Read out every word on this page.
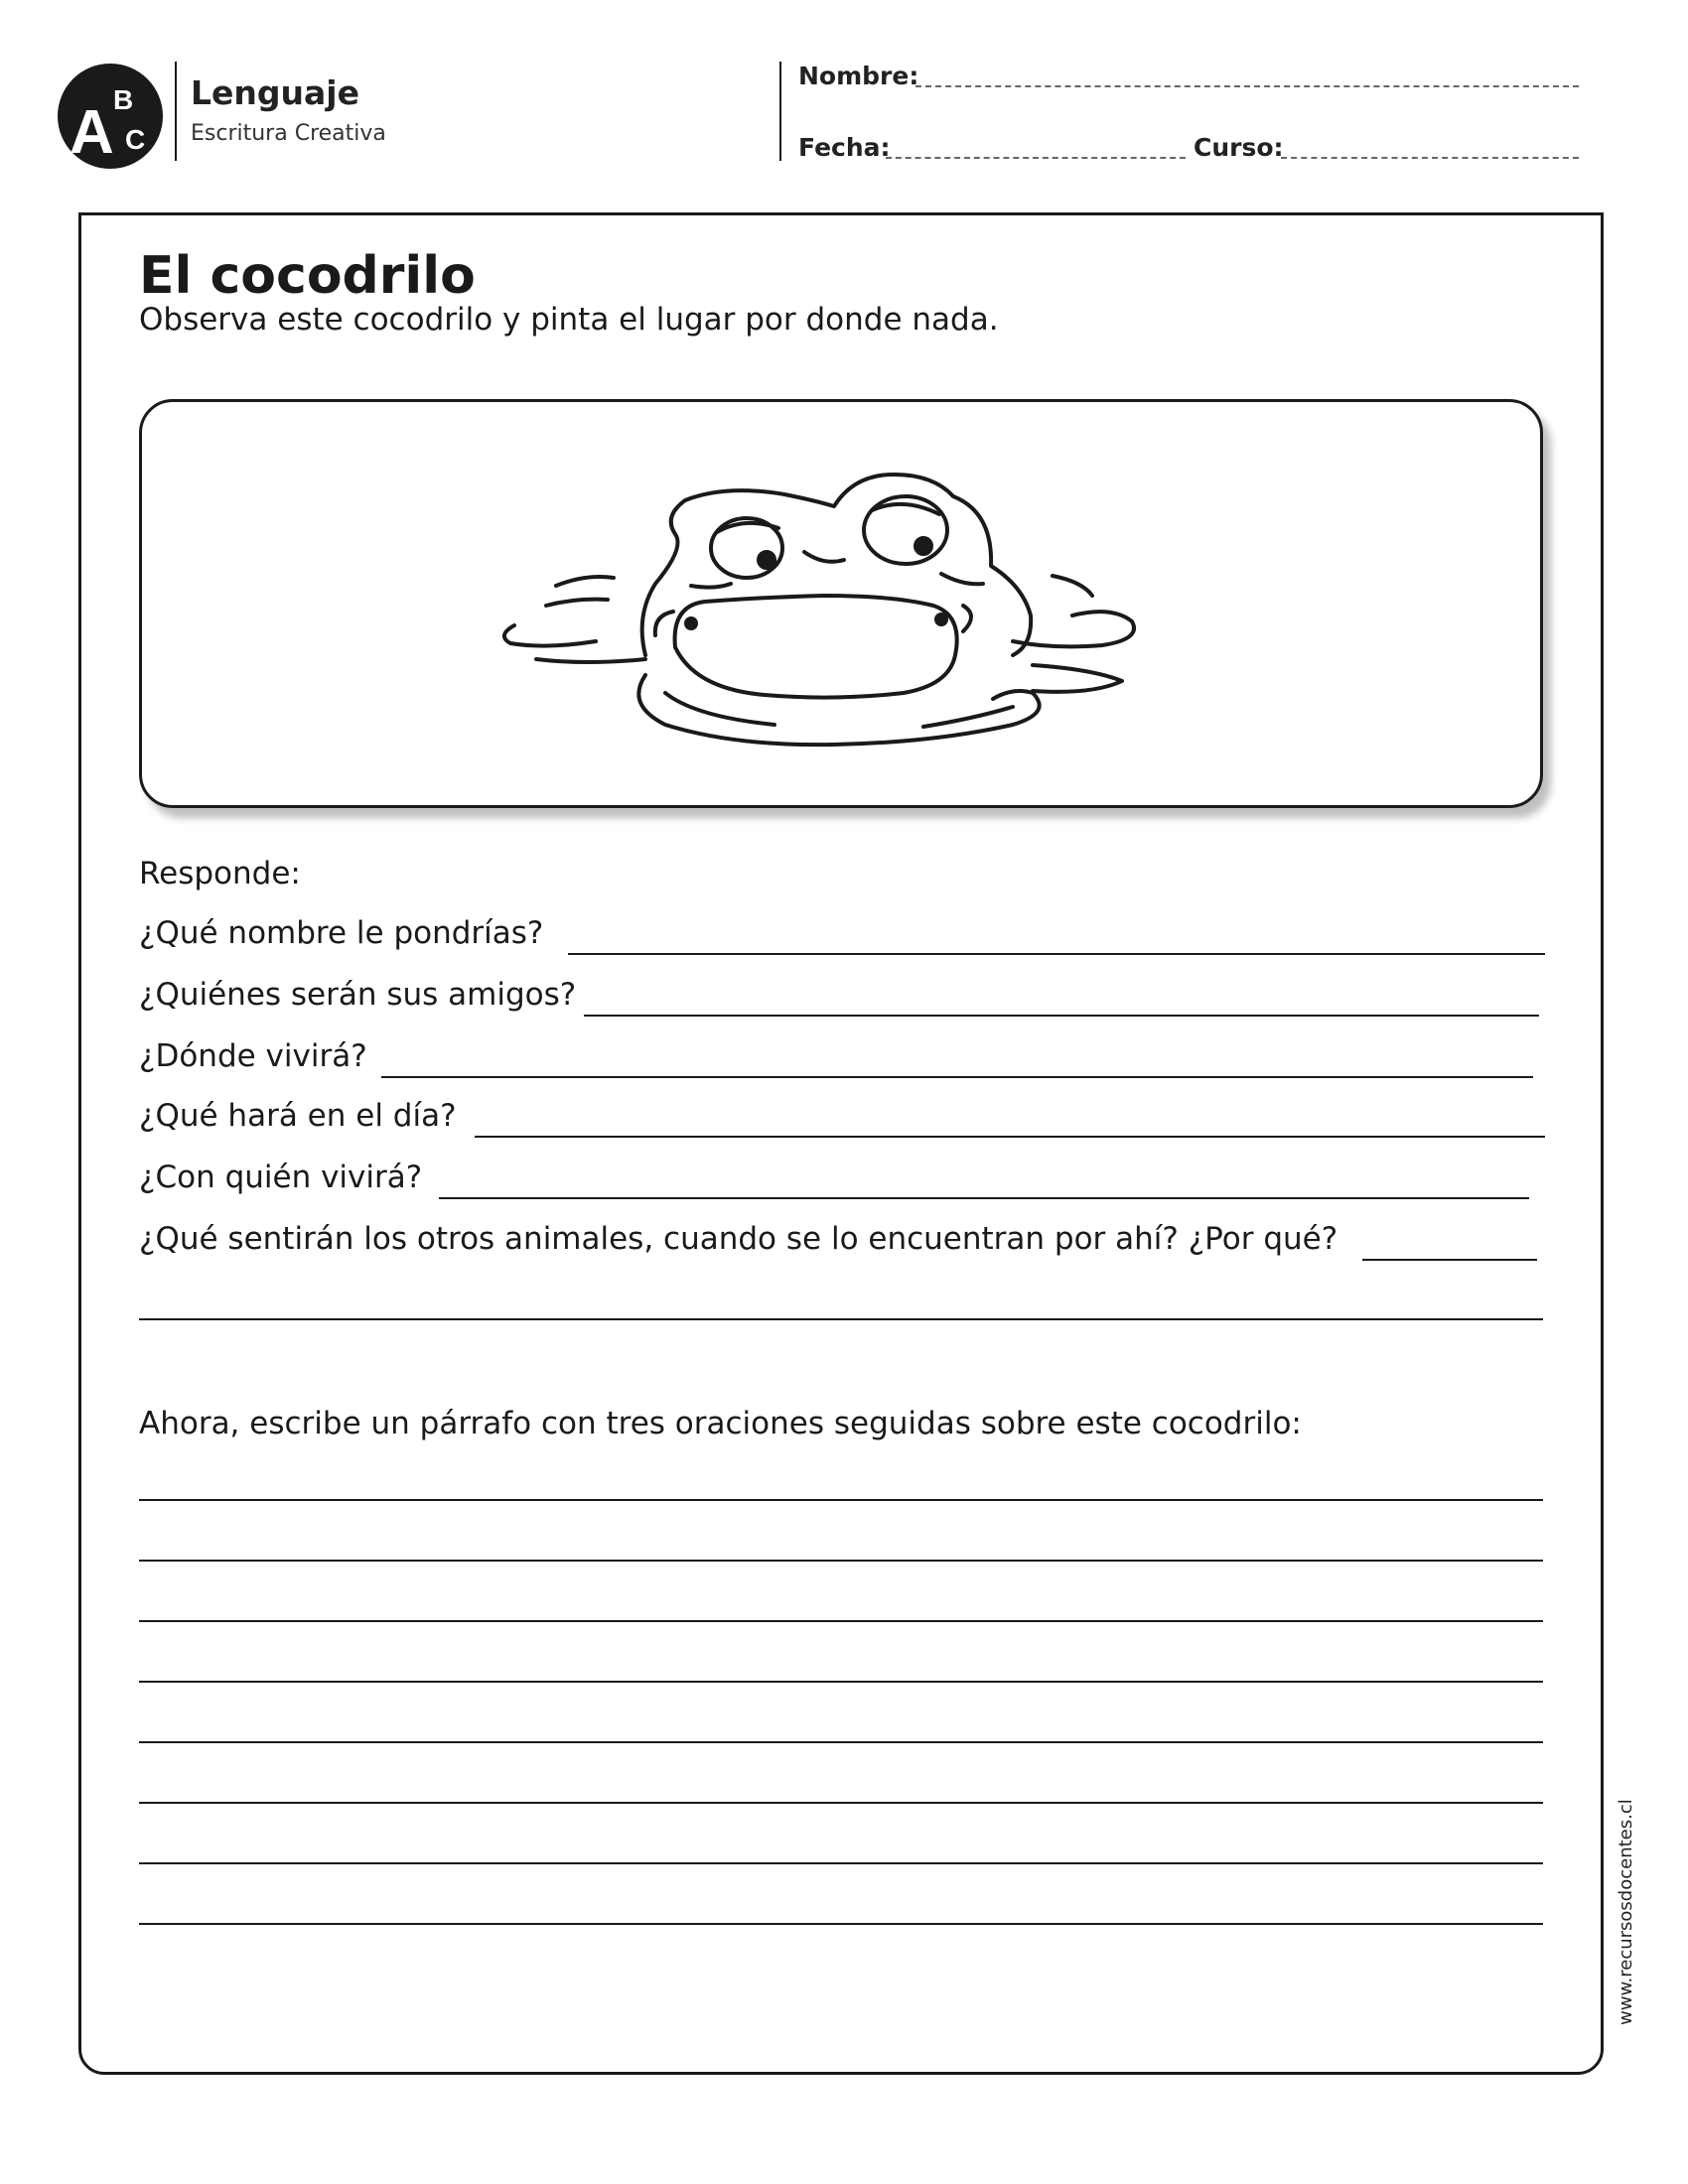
A B
C
Lenguaje
Escritura Creativa
Nombre:
Fecha:	Curso:
El cocodrilo
Observa este cocodrilo y pinta el lugar por donde nada.
Responde:
¿Qué nombre le pondrías?
¿Quiénes serán sus amigos?
¿Dónde vivirá?
¿Qué hará en el día?
¿Con quién vivirá?
¿Qué sentirán los otros animales, cuando se lo encuentran por ahí? ¿Por qué?
Ahora, escribe un párrafo con tres oraciones seguidas sobre este cocodrilo:
www.recursosdocentes.cl
